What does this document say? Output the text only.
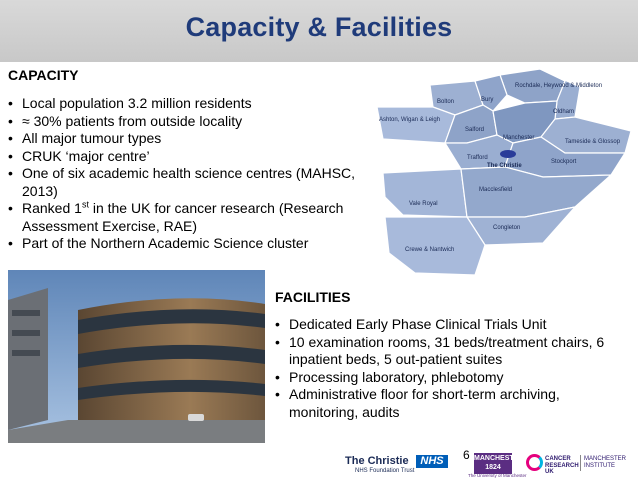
Capacity & Facilities
CAPACITY
• Local population 3.2 million residents
• ≈ 30% patients from outside locality
• All major tumour types
• CRUK ‘major centre’
• One of six academic health science centres (MAHSC, 2013)
• Ranked 1st in the UK for cancer research (Research Assessment Exercise, RAE)
• Part of the Northern Academic Science cluster
Rochdale, Heywood & Middleton
Bolton	Bury
Oldham
Ashton, Wigan & Leigh
Salford
Manchester
Tameside & Glossop
Trafford
Stockport
The Christie
Macclesfield
Vale Royal
Congleton
Crewe & Nantwich
FACILITIES
• Dedicated Early Phase Clinical Trials Unit
• 10 examination rooms, 31 beds/treatment chairs, 6 inpatient beds, 5 out-patient suites
• Processing laboratory, phlebotomy
• Administrative floor for short-term archiving, monitoring, audits
6
The Christie
NHS Foundation Trust
NHS	MANCHESTER 1824
The University of Manchester
CANCER RESEARCH UK
MANCHESTER INSTITUTE
